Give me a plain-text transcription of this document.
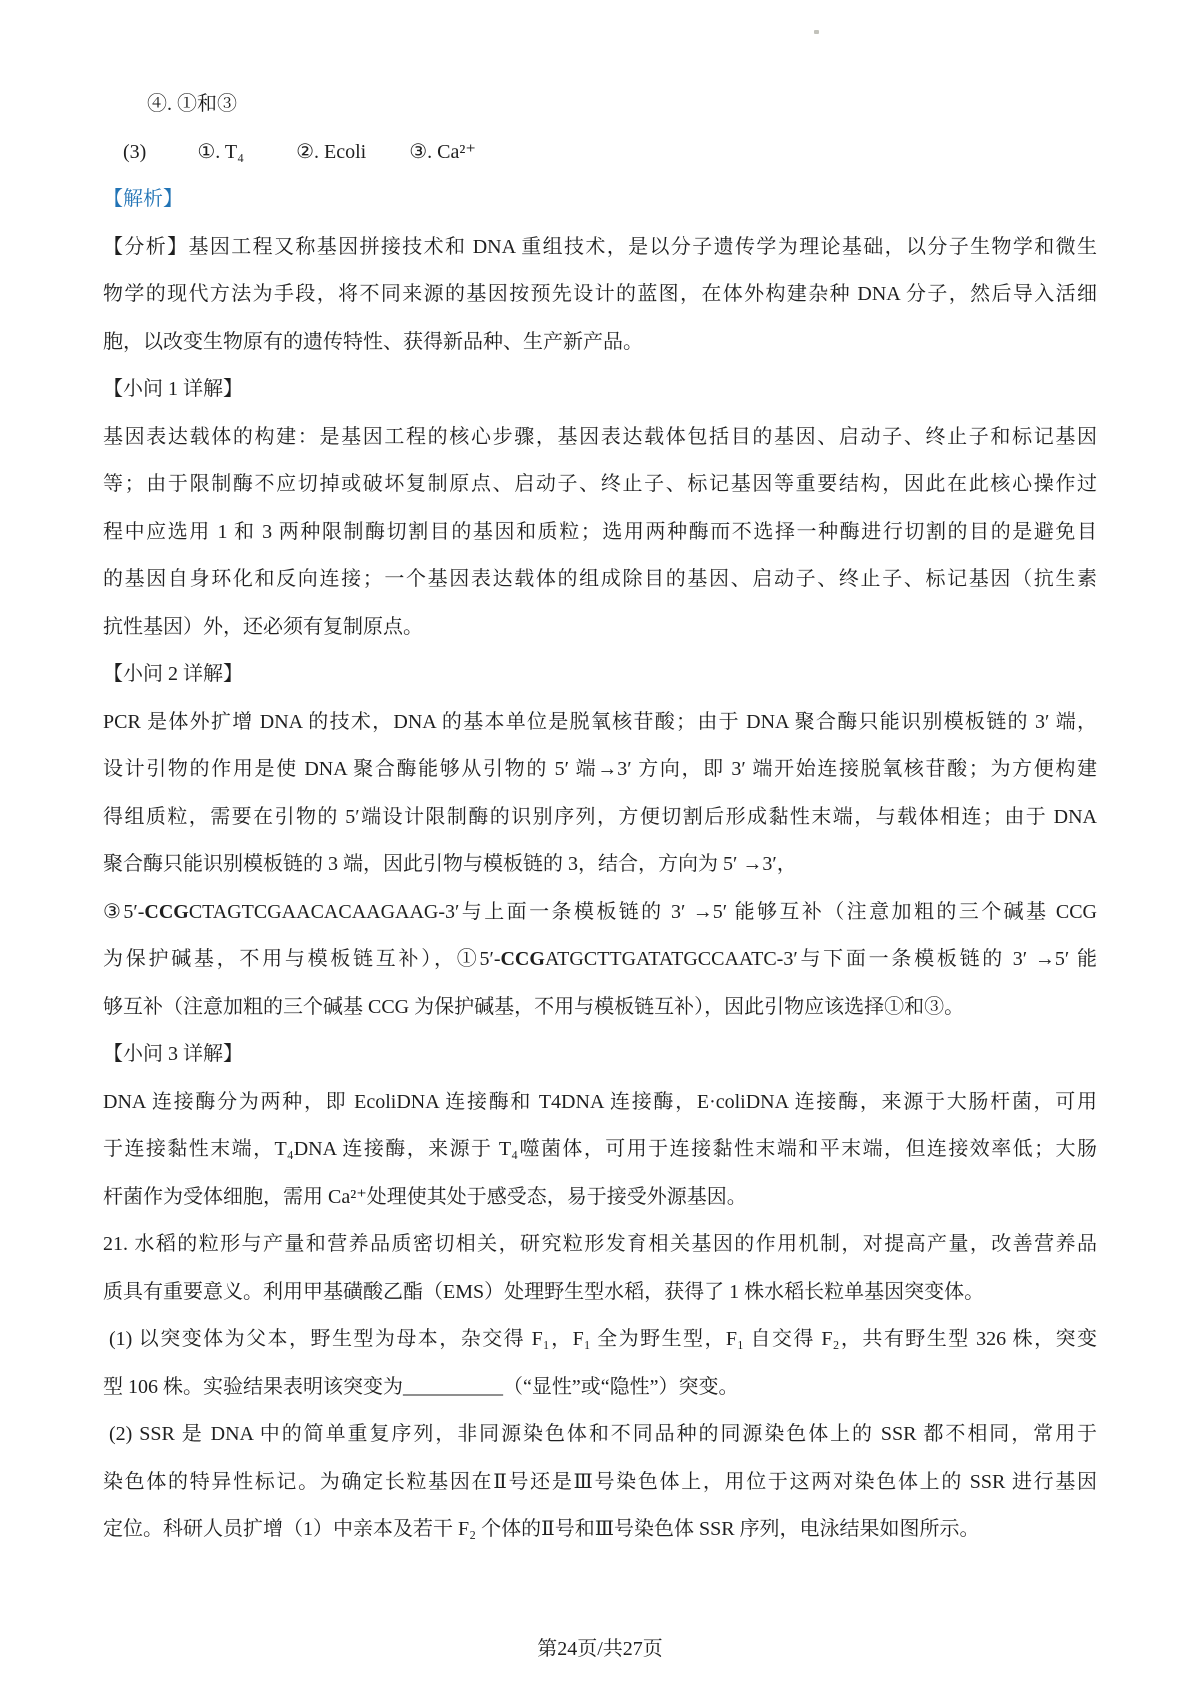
④. ①和③
(3)	①. T₄	②. Ecoli ③. Ca²⁺
【解析】
【分析】基因工程又称基因拼接技术和 DNA 重组技术，是以分子遗传学为理论基础，以分子生物学和微生
物学的现代方法为手段，将不同来源的基因按预先设计的蓝图，在体外构建杂种 DNA 分子，然后导入活细
胞，以改变生物原有的遗传特性、获得新品种、生产新产品。
【小问 1 详解】
基因表达载体的构建：是基因工程的核心步骤，基因表达载体包括目的基因、启动子、终止子和标记基因
等；由于限制酶不应切掉或破坏复制原点、启动子、终止子、标记基因等重要结构，因此在此核心操作过
程中应选用 1 和 3 两种限制酶切割目的基因和质粒；选用两种酶而不选择一种酶进行切割的目的是避免目
的基因自身环化和反向连接；一个基因表达载体的组成除目的基因、启动子、终止子、标记基因（抗生素
抗性基因）外，还必须有复制原点。
【小问 2 详解】
PCR 是体外扩增 DNA 的技术，DNA 的基本单位是脱氧核苷酸；由于 DNA 聚合酶只能识别模板链的 3′ 端，
设计引物的作用是使 DNA 聚合酶能够从引物的 5′ 端→3′ 方向，即 3′ 端开始连接脱氧核苷酸；为方便构建
得组质粒，需要在引物的 5′端设计限制酶的识别序列，方便切割后形成黏性末端，与载体相连；由于 DNA
聚合酶只能识别模板链的 3 端，因此引物与模板链的 3，结合，方向为 5′ →3′，
③5′-CCGCTAGTCGAACACAAGAAG-3′与上面一条模板链的 3′ →5′ 能够互补（注意加粗的三个碱基 CCG
为保护碱基，不用与模板链互补），①5′-CCGATGCTTGATATGCCAATC-3′与下面一条模板链的 3′ →5′ 能
够互补（注意加粗的三个碱基 CCG 为保护碱基，不用与模板链互补），因此引物应该选择①和③。
【小问 3 详解】
DNA 连接酶分为两种，即 EcoliDNA 连接酶和 T4DNA 连接酶，E·coliDNA 连接酶，来源于大肠杆菌，可用
于连接黏性末端，T₄DNA 连接酶，来源于 T₄噬菌体，可用于连接黏性末端和平末端，但连接效率低；大肠
杆菌作为受体细胞，需用 Ca²⁺处理使其处于感受态，易于接受外源基因。
21. 水稻的粒形与产量和营养品质密切相关，研究粒形发育相关基因的作用机制，对提高产量，改善营养品
质具有重要意义。利用甲基磺酸乙酯（EMS）处理野生型水稻，获得了 1 株水稻长粒单基因突变体。
(1) 以突变体为父本，野生型为母本，杂交得 F₁，F₁ 全为野生型，F₁ 自交得 F₂，共有野生型 326 株，突变
型 106 株。实验结果表明该突变为__________（“显性”或“隐性”）突变。
(2) SSR 是 DNA 中的简单重复序列，非同源染色体和不同品种的同源染色体上的 SSR 都不相同，常用于
染色体的特异性标记。为确定长粒基因在Ⅱ号还是Ⅲ号染色体上，用位于这两对染色体上的 SSR 进行基因
定位。科研人员扩增（1）中亲本及若干 F₂ 个体的Ⅱ号和Ⅲ号染色体 SSR 序列，电泳结果如图所示。
第24页/共27页
